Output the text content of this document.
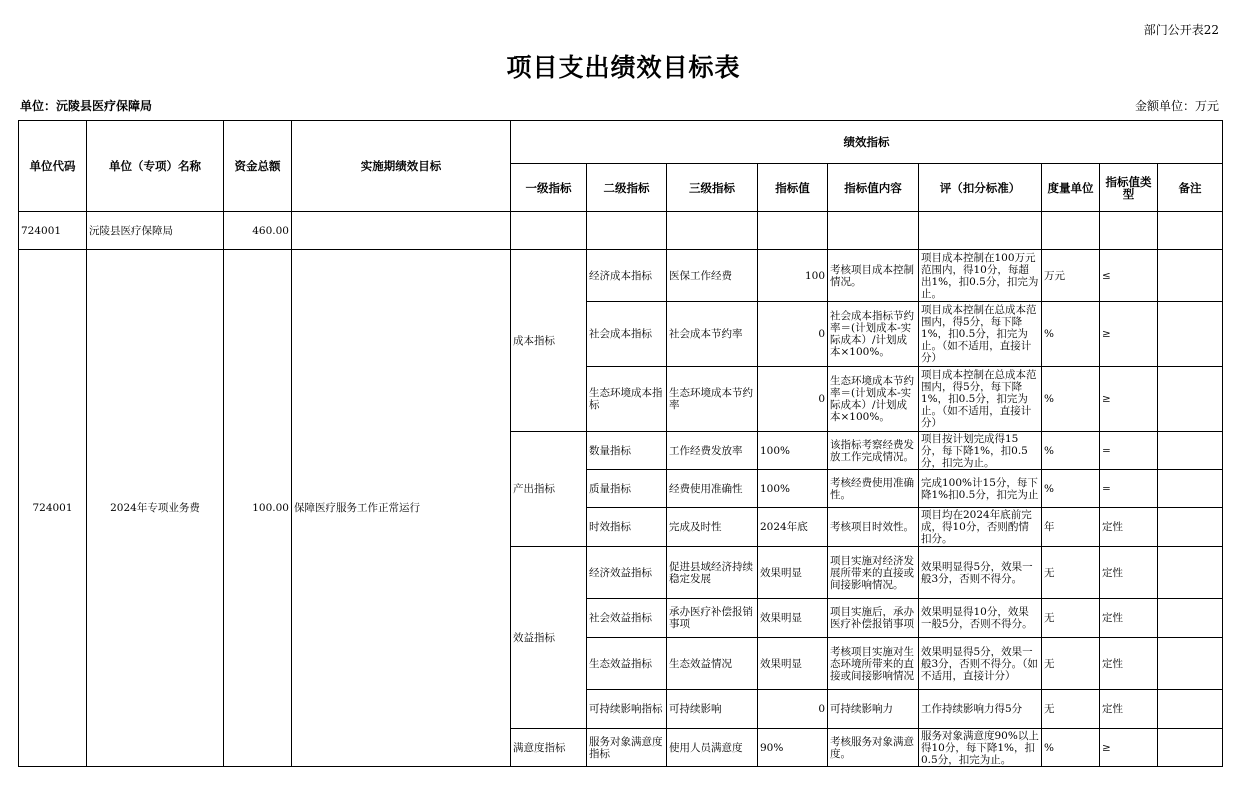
部门公开表22
项目支出绩效目标表
单位：沅陵县医疗保障局	金额单位：万元
单位代码	单位（专项）名称	资金总额	实施期绩效目标	绩效指标								
				一级指标	二级指标	三级指标	指标值	指标值内容	评（扣分标准）	度量单位	指标值类型	备注
724001	沅陵县医疗保障局	460.00										
724001	2024年专项业务费	100.00	保障医疗服务工作正常运行	成本指标	经济成本指标	医保工作经费	100	考核项目成本控制情况。	项目成本控制在100万元范围内，得10分，每超出1%，扣0.5分，扣完为止。	万元	≤	
					社会成本指标	社会成本节约率	0	社会成本指标节约率＝(计划成本-实际成本）/计划成本×100%。	项目成本控制在总成本范围内，得5分，每下降1%，扣0.5分，扣完为止。（如不适用，直接计分）	%	≥	
					生态环境成本指标	生态环境成本节约率	0	生态环境成本节约率＝(计划成本-实际成本）/计划成本×100%。	项目成本控制在总成本范围内，得5分，每下降1%，扣0.5分，扣完为止。（如不适用，直接计分）	%	≥	
				产出指标	数量指标	工作经费发放率	100%	该指标考察经费发放工作完成情况。	项目按计划完成得15分，每下降1%，扣0.5分，扣完为止。	%	=	
					质量指标	经费使用准确性	100%	考核经费使用准确性。	完成100%计15分，每下降1%扣0.5分，扣完为止	%	=	
					时效指标	完成及时性	2024年底	考核项目时效性。	项目均在2024年底前完成，得10分，否则酌情扣分。	年	定性	
				效益指标	经济效益指标	促进县域经济持续稳定发展	效果明显	项目实施对经济发展所带来的直接或间接影响情况。	效果明显得5分，效果一般3分，否则不得分。	无	定性	
					社会效益指标	承办医疗补偿报销事项	效果明显	项目实施后，承办医疗补偿报销事项	效果明显得10分，效果一般5分，否则不得分。	无	定性	
					生态效益指标	生态效益情况	效果明显	考核项目实施对生态环境所带来的直接或间接影响情况	效果明显得5分，效果一般3分，否则不得分。（如不适用，直接计分）	无	定性	
					可持续影响指标	可持续影响	0	可持续影响力	工作持续影响力得5分	无	定性	
				满意度指标	服务对象满意度指标	使用人员满意度	90%	考核服务对象满意度。	服务对象满意度90%以上得10分，每下降1%，扣0.5分，扣完为止。	%	≥	
